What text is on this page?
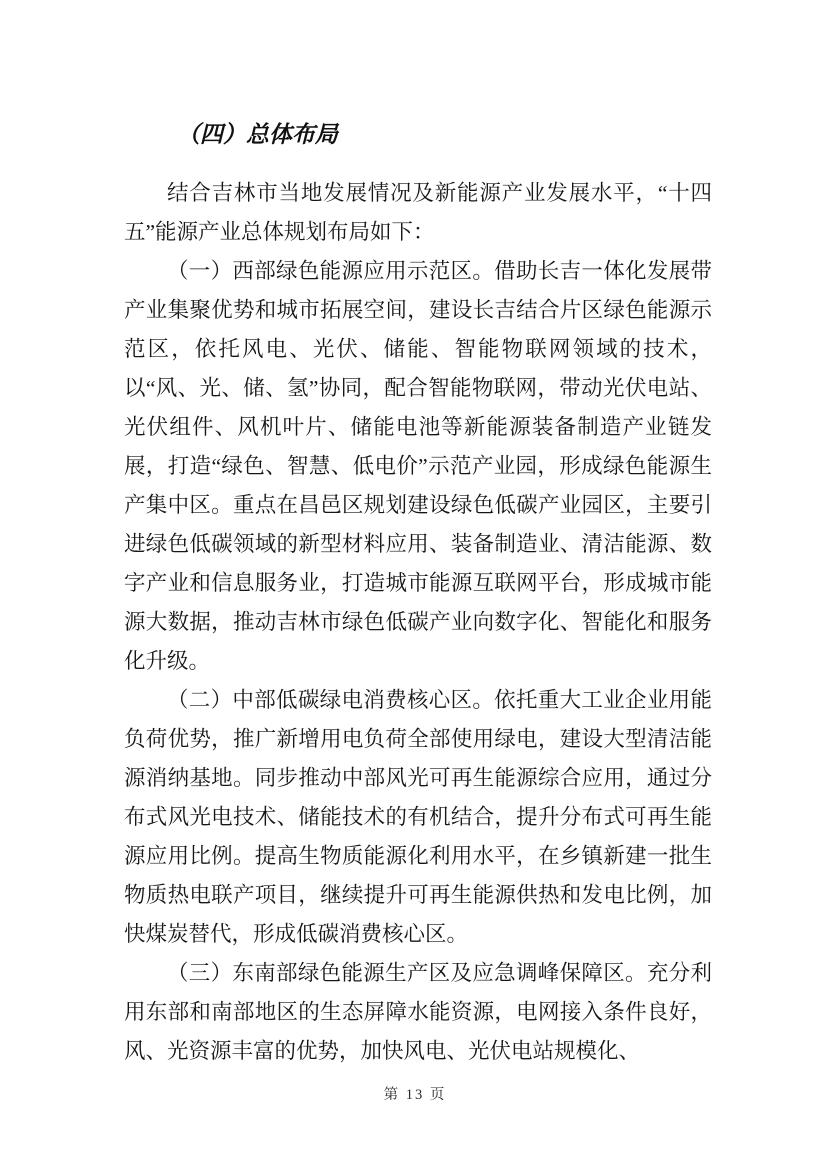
（四）总体布局

结合吉林市当地发展情况及新能源产业发展水平，“十四五”能源产业总体规划布局如下：

（一）西部绿色能源应用示范区。借助长吉一体化发展带产业集聚优势和城市拓展空间，建设长吉结合片区绿色能源示范区，依托风电、光伏、储能、智能物联网领域的技术，以“风、光、储、氢”协同，配合智能物联网，带动光伏电站、光伏组件、风机叶片、储能电池等新能源装备制造产业链发展，打造“绿色、智慧、低电价”示范产业园，形成绿色能源生产集中区。重点在昌邑区规划建设绿色低碳产业园区，主要引进绿色低碳领域的新型材料应用、装备制造业、清洁能源、数字产业和信息服务业，打造城市能源互联网平台，形成城市能源大数据，推动吉林市绿色低碳产业向数字化、智能化和服务化升级。

（二）中部低碳绿电消费核心区。依托重大工业企业用能负荷优势，推广新增用电负荷全部使用绿电，建设大型清洁能源消纳基地。同步推动中部风光可再生能源综合应用，通过分布式风光电技术、储能技术的有机结合，提升分布式可再生能源应用比例。提高生物质能源化利用水平，在乡镇新建一批生物质热电联产项目，继续提升可再生能源供热和发电比例，加快煤炭替代，形成低碳消费核心区。

（三）东南部绿色能源生产区及应急调峰保障区。充分利用东部和南部地区的生态屏障水能资源，电网接入条件良好，风、光资源丰富的优势，加快风电、光伏电站规模化、

第 13 页
